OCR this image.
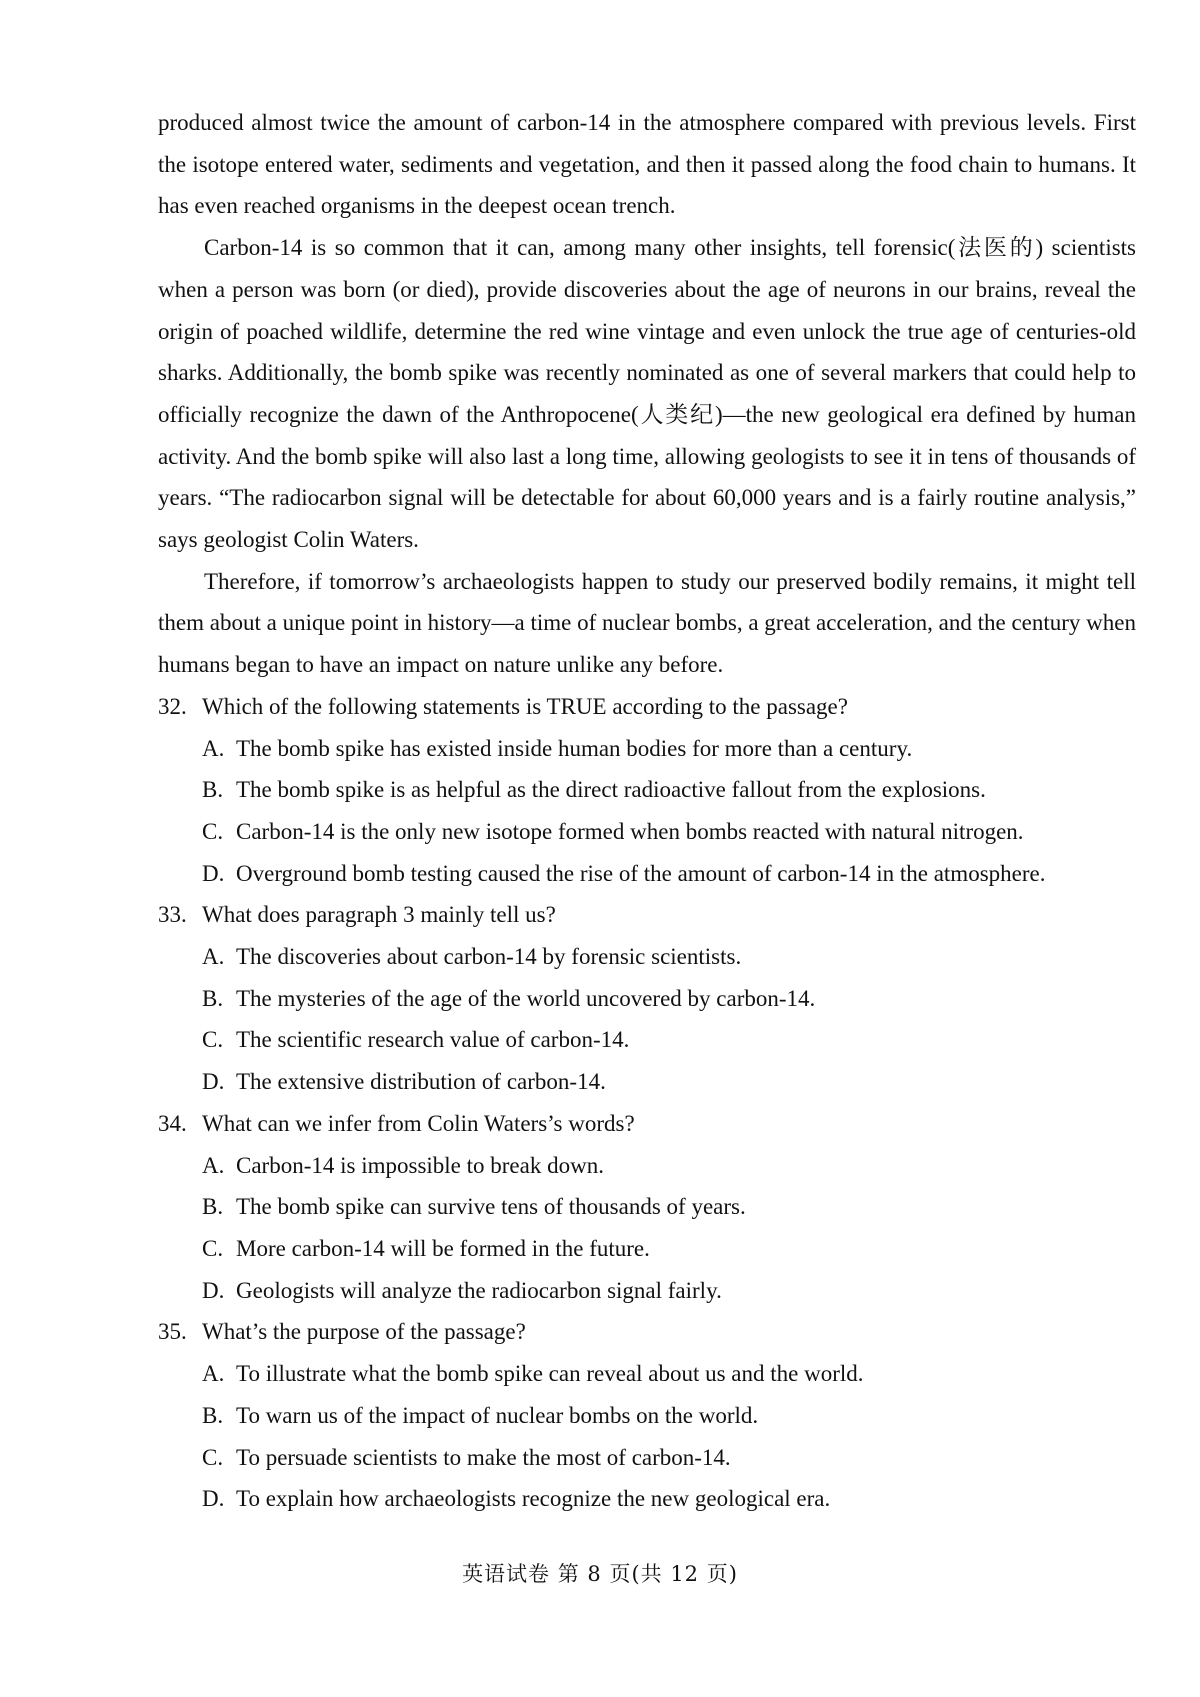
produced almost twice the amount of carbon-14 in the atmosphere compared with previous levels. First the isotope entered water, sediments and vegetation, and then it passed along the food chain to humans. It has even reached organisms in the deepest ocean trench.

Carbon-14 is so common that it can, among many other insights, tell forensic(法医的) scientists when a person was born (or died), provide discoveries about the age of neurons in our brains, reveal the origin of poached wildlife, determine the red wine vintage and even unlock the true age of centuries-old sharks. Additionally, the bomb spike was recently nominated as one of several markers that could help to officially recognize the dawn of the Anthropocene(人类纪)—the new geological era defined by human activity. And the bomb spike will also last a long time, allowing geologists to see it in tens of thousands of years. “The radiocarbon signal will be detectable for about 60,000 years and is a fairly routine analysis,” says geologist Colin Waters.

Therefore, if tomorrow’s archaeologists happen to study our preserved bodily remains, it might tell them about a unique point in history—a time of nuclear bombs, a great acceleration, and the century when humans began to have an impact on nature unlike any before.

32. Which of the following statements is TRUE according to the passage?
A. The bomb spike has existed inside human bodies for more than a century.
B. The bomb spike is as helpful as the direct radioactive fallout from the explosions.
C. Carbon-14 is the only new isotope formed when bombs reacted with natural nitrogen.
D. Overground bomb testing caused the rise of the amount of carbon-14 in the atmosphere.
33. What does paragraph 3 mainly tell us?
A. The discoveries about carbon-14 by forensic scientists.
B. The mysteries of the age of the world uncovered by carbon-14.
C. The scientific research value of carbon-14.
D. The extensive distribution of carbon-14.
34. What can we infer from Colin Waters’s words?
A. Carbon-14 is impossible to break down.
B. The bomb spike can survive tens of thousands of years.
C. More carbon-14 will be formed in the future.
D. Geologists will analyze the radiocarbon signal fairly.
35. What’s the purpose of the passage?
A. To illustrate what the bomb spike can reveal about us and the world.
B. To warn us of the impact of nuclear bombs on the world.
C. To persuade scientists to make the most of carbon-14.
D. To explain how archaeologists recognize the new geological era.
英语试卷 第 8 页(共 12 页)
